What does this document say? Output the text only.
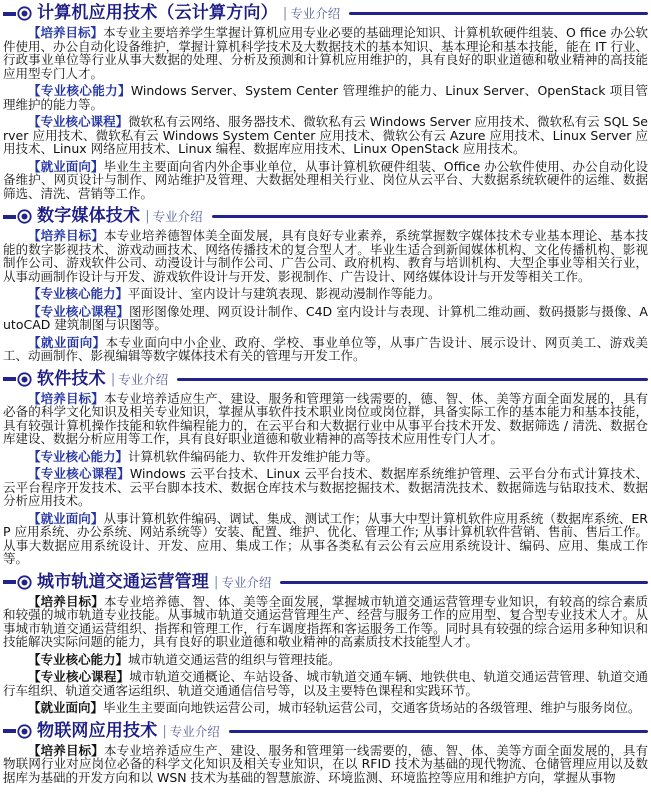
计算机应用技术（云计算方向） | 专业介绍

【培养目标】本专业主要培养学生掌握计算机应用专业必要的基础理论知识、计算机软硬件组装、O ffice 办公软件使用、办公自动化设备维护，掌握计算机科学技术及大数据技术的基本知识、基本理论和基本技能，能在 IT 行业、行政事业单位等行业从事大数据的处理、分析及预测和计算机应用维护的，具有良好的职业道德和敬业精神的高技能应用型专门人才。

【专业核心能力】Windows Server、System Center 管理维护的能力、Linux Server、OpenStack 项目管理维护的能力等。

【专业核心课程】微软私有云网络、服务器技术、微软私有云 Windows Server 应用技术、微软私有云 SQL Server 应用技术、微软私有云 Windows System Center 应用技术、微软公有云 Azure 应用技术、Linux Server 应用技术、Linux 网络应用技术、Linux 编程、数据库应用技术、Linux OpenStack 应用技术。

【就业面向】毕业生主要面向省内外企事业单位，从事计算机软硬件组装、Office 办公软件使用、办公自动化设备维护、网页设计与制作、网站维护及管理、大数据处理相关行业、岗位从云平台、大数据系统软硬件的运维、数据筛选、清洗、营销等工作。

数字媒体技术 | 专业介绍

【培养目标】本专业培养德智体美全面发展，具有良好专业素养，系统掌握数字媒体技术专业基本理论、基本技能的数字影视技术、游戏动画技术、网络传播技术的复合型人才。毕业生适合到新闻媒体机构、文化传播机构、影视制作公司、游戏软件公司、动漫设计与制作公司、广告公司、政府机构、教育与培训机构、大型企事业等相关行业，从事动画制作设计与开发、游戏软件设计与开发、影视制作、广告设计、网络媒体设计与开发等相关工作。

【专业核心能力】平面设计、室内设计与建筑表现、影视动漫制作等能力。

【专业核心课程】图形图像处理、网页设计制作、C4D 室内设计与表现、计算机二维动画、数码摄影与摄像、AutoCAD 建筑制图与识图等。

【就业面向】本专业面向中小企业、政府、学校、事业单位等，从事广告设计、展示设计、网页美工、游戏美工、动画制作、影视编辑等数字媒体技术有关的管理与开发工作。

软件技术 | 专业介绍

【培养目标】本专业培养适应生产、建设、服务和管理第一线需要的，德、智、体、美等方面全面发展的，具有必备的科学文化知识及相关专业知识，掌握从事软件技术职业岗位或岗位群，具备实际工作的基本能力和基本技能，具有较强计算机操作技能和软件编程能力的，在云平台和大数据行业中从事平台技术开发、数据筛选 / 清洗、数据仓库建设、数据分析应用等工作，具有良好职业道德和敬业精神的高等技术应用性专门人才。

【专业核心能力】计算机软件编码能力、软件开发维护能力等。

【专业核心课程】Windows 云平台技术、Linux 云平台技术、数据库系统维护管理、云平台分布式计算技术、云平台程序开发技术、云平台脚本技术、数据仓库技术与数据挖掘技术、数据清洗技术、数据筛选与钻取技术、数据分析应用技术。

【就业面向】从事计算机软件编码、调试、集成、测试工作；从事大中型计算机软件应用系统（数据库系统、ERP 应用系统、办公系统、网站系统等）安装、配置、维护、优化、管理工作; 从事计算机软件营销、售前、售后工作。从事大数据应用系统设计、开发、应用、集成工作；从事各类私有云公有云应用系统设计、编码、应用、集成工作等。

城市轨道交通运营管理 | 专业介绍

【培养目标】本专业培养德、智、体、美等全面发展，掌握城市轨道交通运营管理专业知识，有较高的综合素质和较强的城市轨道专业技能。从事城市轨道交通运营管理生产、经营与服务工作的应用型、复合型专业技术人才。从事城市轨道交通运营组织、指挥和管理工作，行车调度指挥和客运服务工作等。同时具有较强的综合运用多种知识和技能解决实际问题的能力，具有良好的职业道德和敬业精神的高素质技术技能型人才。

【专业核心能力】城市轨道交通运营的组织与管理技能。

【专业核心课程】城市轨道交通概论、车站设备、城市轨道交通车辆、地铁供电、轨道交通运营管理、轨道交通行车组织、轨道交通客运组织、轨道交通通信信号等，以及主要特色课程和实践环节。

【就业面向】毕业生主要面向地铁运营公司，城市轻轨运营公司，交通客货场站的各级管理、维护与服务岗位。

物联网应用技术 | 专业介绍

【培养目标】本专业培养适应生产、建设、服务和管理第一线需要的，德、智、体、美等方面全面发展的，具有物联网行业对应岗位必备的科学文化知识及相关专业知识，在以 RFID 技术为基础的现代物流、仓储管理应用以及数据库为基础的开发方向和以 WSN 技术为基础的智慧旅游、环境监测、环境监控等应用和维护方向，掌握从事物
